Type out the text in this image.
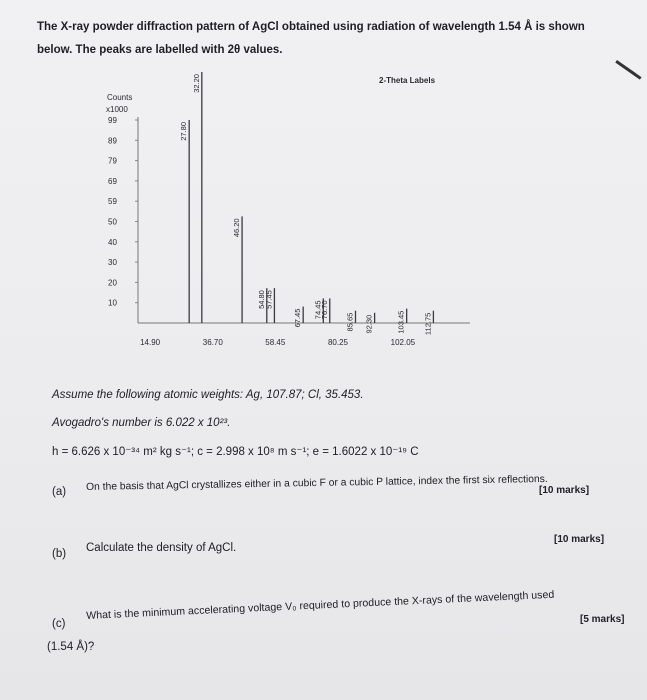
The X-ray powder diffraction pattern of AgCl obtained using radiation of wavelength 1.54 Å is shown
below. The peaks are labelled with 2θ values.
2-Theta Labels
Counts
x1000
99
89
79
69
59
50
40
30
20
10
27.80
32.20
46.20
54.80
57.45
67.45 74.45
76.70
85.65 92.30	103.45 112.75
14.90	36.70	58.45	80.25	102.05
Assume the following atomic weights: Ag, 107.87; Cl, 35.453.
Avogadro's number is 6.022 x 10²³.
h = 6.626 x 10⁻³⁴ m² kg s⁻¹; c = 2.998 x 10⁸ m s⁻¹; e = 1.6022 x 10⁻¹⁹ C
(a) On the basis that AgCl crystallizes either in a cubic F or a cubic P lattice, index the first six reflections.
[10 marks]
(b) Calculate the density of AgCl.
[10 marks]
(c)
What is the minimum accelerating voltage V₀ required to produce the X-rays of the wavelength used
(1.54 Å)?
[5 marks]
